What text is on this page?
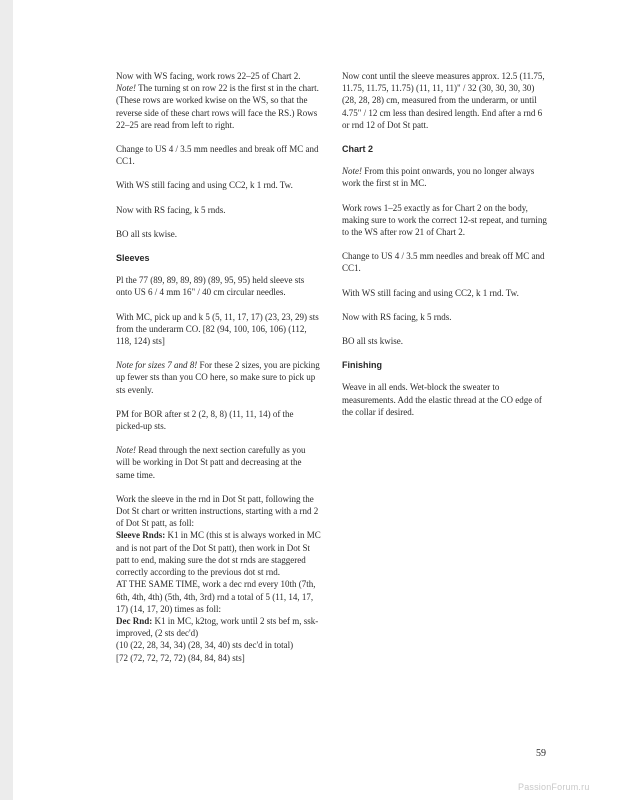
Now with WS facing, work rows 22–25 of Chart 2. Note! The turning st on row 22 is the first st in the chart. (These rows are worked kwise on the WS, so that the reverse side of these chart rows will face the RS.) Rows 22–25 are read from left to right.

Change to US 4 / 3.5 mm needles and break off MC and CC1.

With WS still facing and using CC2, k 1 rnd. Tw.

Now with RS facing, k 5 rnds.

BO all sts kwise.

Sleeves

Pl the 77 (89, 89, 89, 89) (89, 95, 95) held sleeve sts onto US 6 / 4 mm 16" / 40 cm circular needles.

With MC, pick up and k 5 (5, 11, 17, 17) (23, 23, 29) sts from the underarm CO. [82 (94, 100, 106, 106) (112, 118, 124) sts]

Note for sizes 7 and 8! For these 2 sizes, you are picking up fewer sts than you CO here, so make sure to pick up sts evenly.

PM for BOR after st 2 (2, 8, 8) (11, 11, 14) of the picked-up sts.

Note! Read through the next section carefully as you will be working in Dot St patt and decreasing at the same time.

Work the sleeve in the rnd in Dot St patt, following the Dot St chart or written instructions, starting with a rnd 2 of Dot St patt, as foll:
Sleeve Rnds: K1 in MC (this st is always worked in MC and is not part of the Dot St patt), then work in Dot St patt to end, making sure the dot st rnds are staggered correctly according to the previous dot st rnd.
AT THE SAME TIME, work a dec rnd every 10th (7th, 6th, 4th, 4th) (5th, 4th, 3rd) rnd a total of 5 (11, 14, 17, 17) (14, 17, 20) times as foll:
Dec Rnd: K1 in MC, k2tog, work until 2 sts bef m, ssk-improved, (2 sts dec'd)
(10 (22, 28, 34, 34) (28, 34, 40) sts dec'd in total)
[72 (72, 72, 72, 72) (84, 84, 84) sts]

Now cont until the sleeve measures approx. 12.5 (11.75, 11.75, 11.75, 11.75) (11, 11, 11)" / 32 (30, 30, 30, 30) (28, 28, 28) cm, measured from the underarm, or until 4.75" / 12 cm less than desired length. End after a rnd 6 or rnd 12 of Dot St patt.

Chart 2

Note! From this point onwards, you no longer always work the first st in MC.

Work rows 1–25 exactly as for Chart 2 on the body, making sure to work the correct 12-st repeat, and turning to the WS after row 21 of Chart 2.

Change to US 4 / 3.5 mm needles and break off MC and CC1.

With WS still facing and using CC2, k 1 rnd. Tw.

Now with RS facing, k 5 rnds.

BO all sts kwise.

Finishing

Weave in all ends. Wet-block the sweater to measurements. Add the elastic thread at the CO edge of the collar if desired.

59
PassionForum.ru
